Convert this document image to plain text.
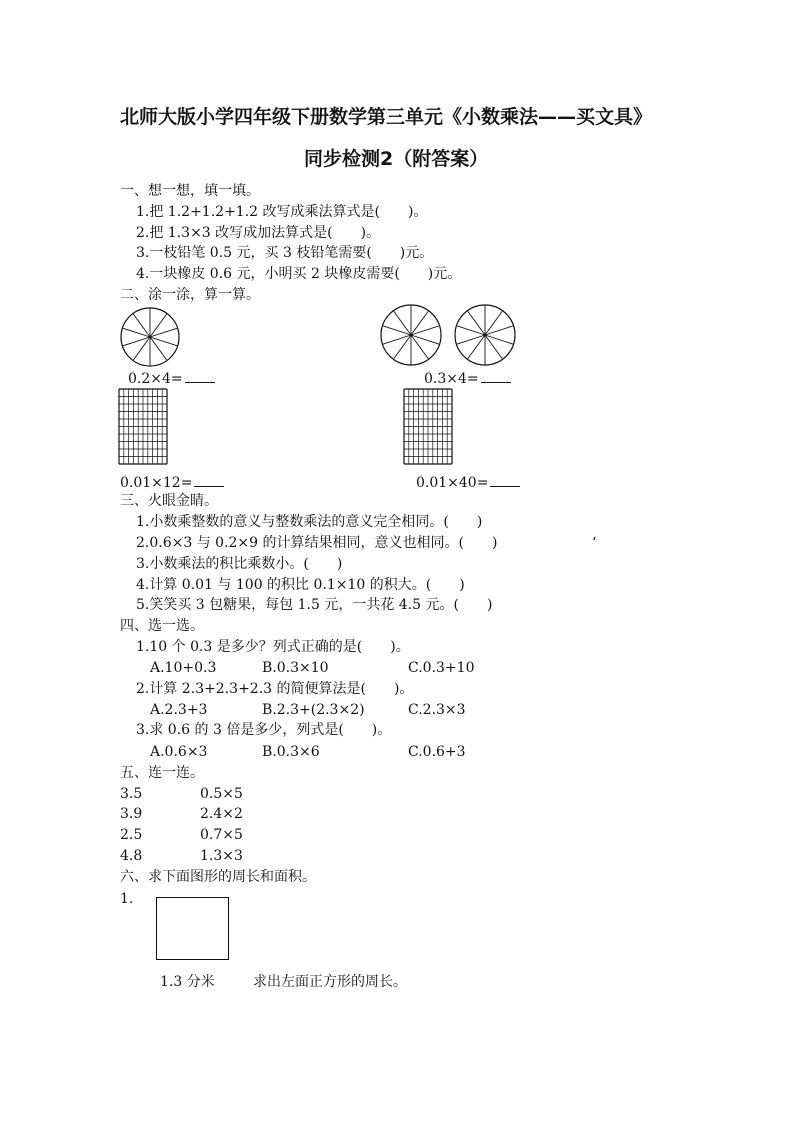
北师大版小学四年级下册数学第三单元《小数乘法——买文具》
同步检测2（附答案）
一、想一想，填一填。
1.把 1.2+1.2+1.2 改写成乘法算式是(　　)。
2.把 1.3×3 改写成加法算式是(　　)。
3.一枝铅笔 0.5 元，买 3 枝铅笔需要(　　)元。
4.一块橡皮 0.6 元，小明买 2 块橡皮需要(　　)元。
二、涂一涂，算一算。
0.2×4=	0.3×4=
0.01×12=	0.01×40=
三、火眼金睛。
1.小数乘整数的意义与整数乘法的意义完全相同。(　　)
2.0.6×3 与 0.2×9 的计算结果相同，意义也相同。(　　)	‘
3.小数乘法的积比乘数小。(　　)
4.计算 0.01 与 100 的积比 0.1×10 的积大。(　　)
5.笑笑买 3 包糖果，每包 1.5 元，一共花 4.5 元。(　　)
四、选一选。
1.10 个 0.3 是多少？列式正确的是(　　)。
A.10+0.3	B.0.3×10	C.0.3+10
2.计算 2.3+2.3+2.3 的简便算法是(　　)。
A.2.3+3	B.2.3+(2.3×2)	C.2.3×3
3.求 0.6 的 3 倍是多少，列式是(　　)。
A.0.6×3	B.0.3×6	C.0.6+3
五、连一连。
3.5	0.5×5
3.9	2.4×2
2.5	0.7×5
4.8	1.3×3
六、求下面图形的周长和面积。
1.
1.3 分米	求出左面正方形的周长。
